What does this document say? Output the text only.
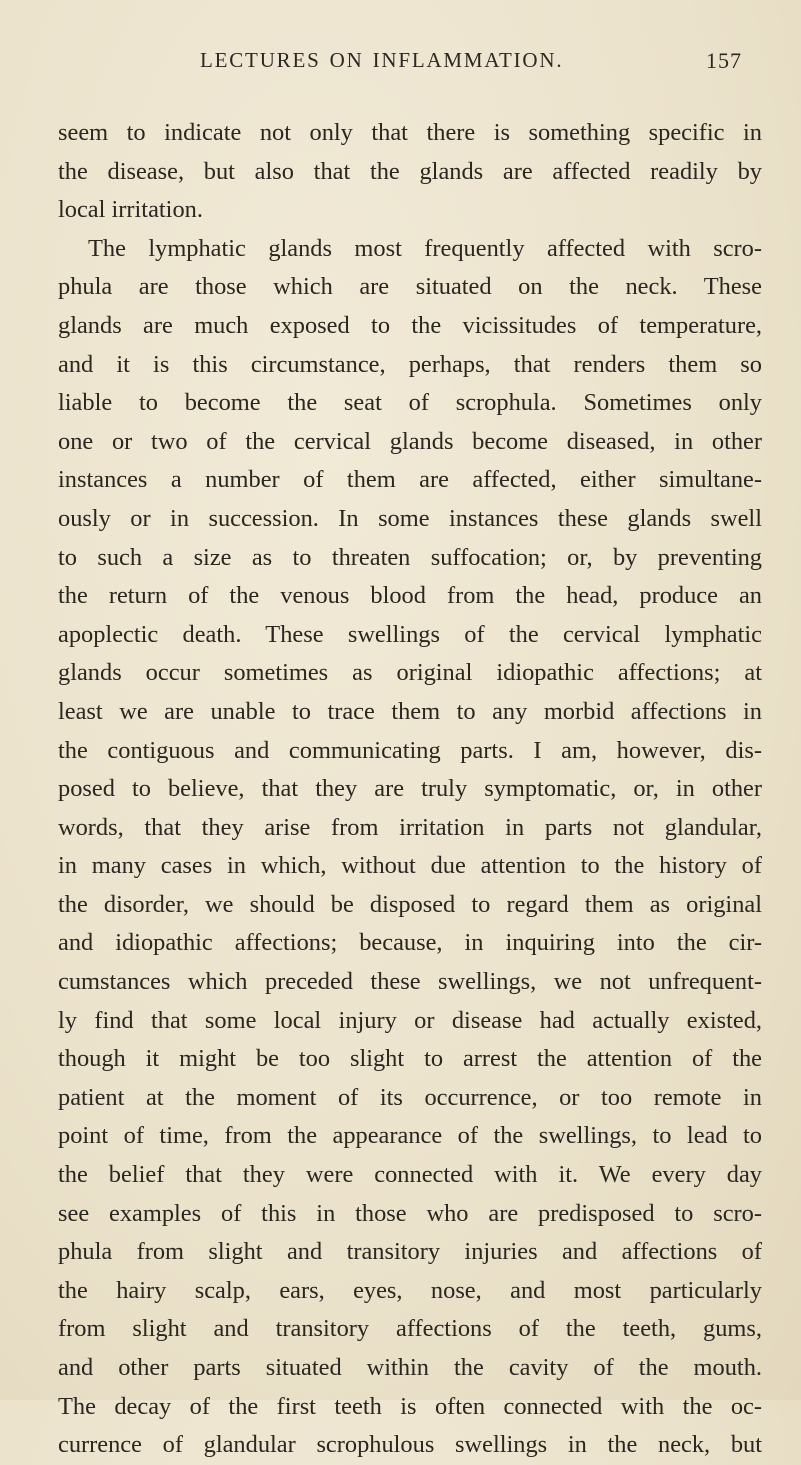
LECTURES ON INFLAMMATION.	157
seem to indicate not only that there is something specific in
the disease, but also that the glands are affected readily by
local irritation.
The lymphatic glands most frequently affected with scro-
phula are those which are situated on the neck. These
glands are much exposed to the vicissitudes of temperature,
and it is this circumstance, perhaps, that renders them so
liable to become the seat of scrophula. Sometimes only
one or two of the cervical glands become diseased, in other
instances a number of them are affected, either simultane-
ously or in succession. In some instances these glands swell
to such a size as to threaten suffocation; or, by preventing
the return of the venous blood from the head, produce an
apoplectic death. These swellings of the cervical lymphatic
glands occur sometimes as original idiopathic affections; at
least we are unable to trace them to any morbid affections in
the contiguous and communicating parts. I am, however, dis-
posed to believe, that they are truly symptomatic, or, in other
words, that they arise from irritation in parts not glandular,
in many cases in which, without due attention to the history of
the disorder, we should be disposed to regard them as original
and idiopathic affections; because, in inquiring into the cir-
cumstances which preceded these swellings, we not unfrequent-
ly find that some local injury or disease had actually existed,
though it might be too slight to arrest the attention of the
patient at the moment of its occurrence, or too remote in
point of time, from the appearance of the swellings, to lead to
the belief that they were connected with it. We every day
see examples of this in those who are predisposed to scro-
phula from slight and transitory injuries and affections of
the hairy scalp, ears, eyes, nose, and most particularly
from slight and transitory affections of the teeth, gums,
and other parts situated within the cavity of the mouth.
The decay of the first teeth is often connected with the oc-
currence of glandular scrophulous swellings in the neck, but
